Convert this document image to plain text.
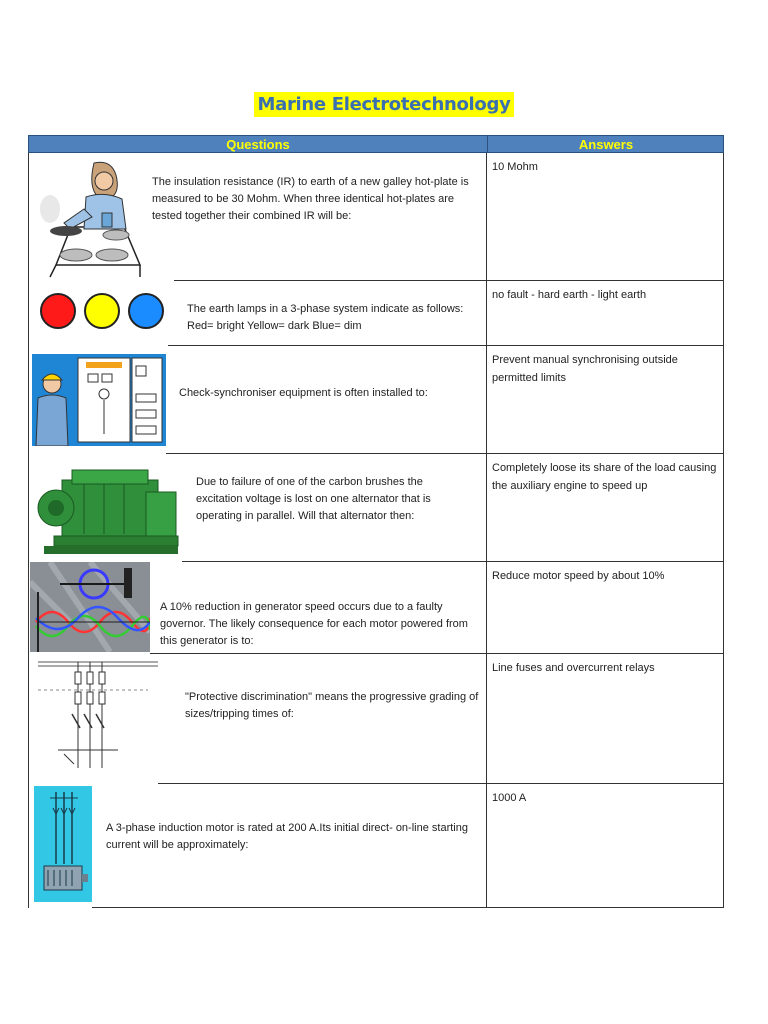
Marine Electrotechnology
Questions	Answers
The insulation resistance (IR) to earth of a new galley hot-plate is measured to be 30 Mohm. When three identical hot-plates are tested together their combined IR will be:
10 Mohm
The earth lamps in a 3-phase system indicate as follows: Red= bright Yellow= dark Blue= dim
no fault - hard earth - light earth
Check-synchroniser equipment is often installed to:
Prevent manual synchronising outside permitted limits
Due to failure of one of the carbon brushes the excitation voltage is lost on one alternator that is operating in parallel. Will that alternator then:
Completely loose its share of the load causing the auxiliary engine to speed up
A 10% reduction in generator speed occurs due to a faulty governor. The likely consequence for each motor powered from this generator is to:
Reduce motor speed by about 10%
"Protective discrimination" means the progressive grading of sizes/tripping times of:
Line fuses and overcurrent relays
A 3-phase induction motor is rated at 200 A.Its initial direct- on-line starting current will be approximately:
1000 A
